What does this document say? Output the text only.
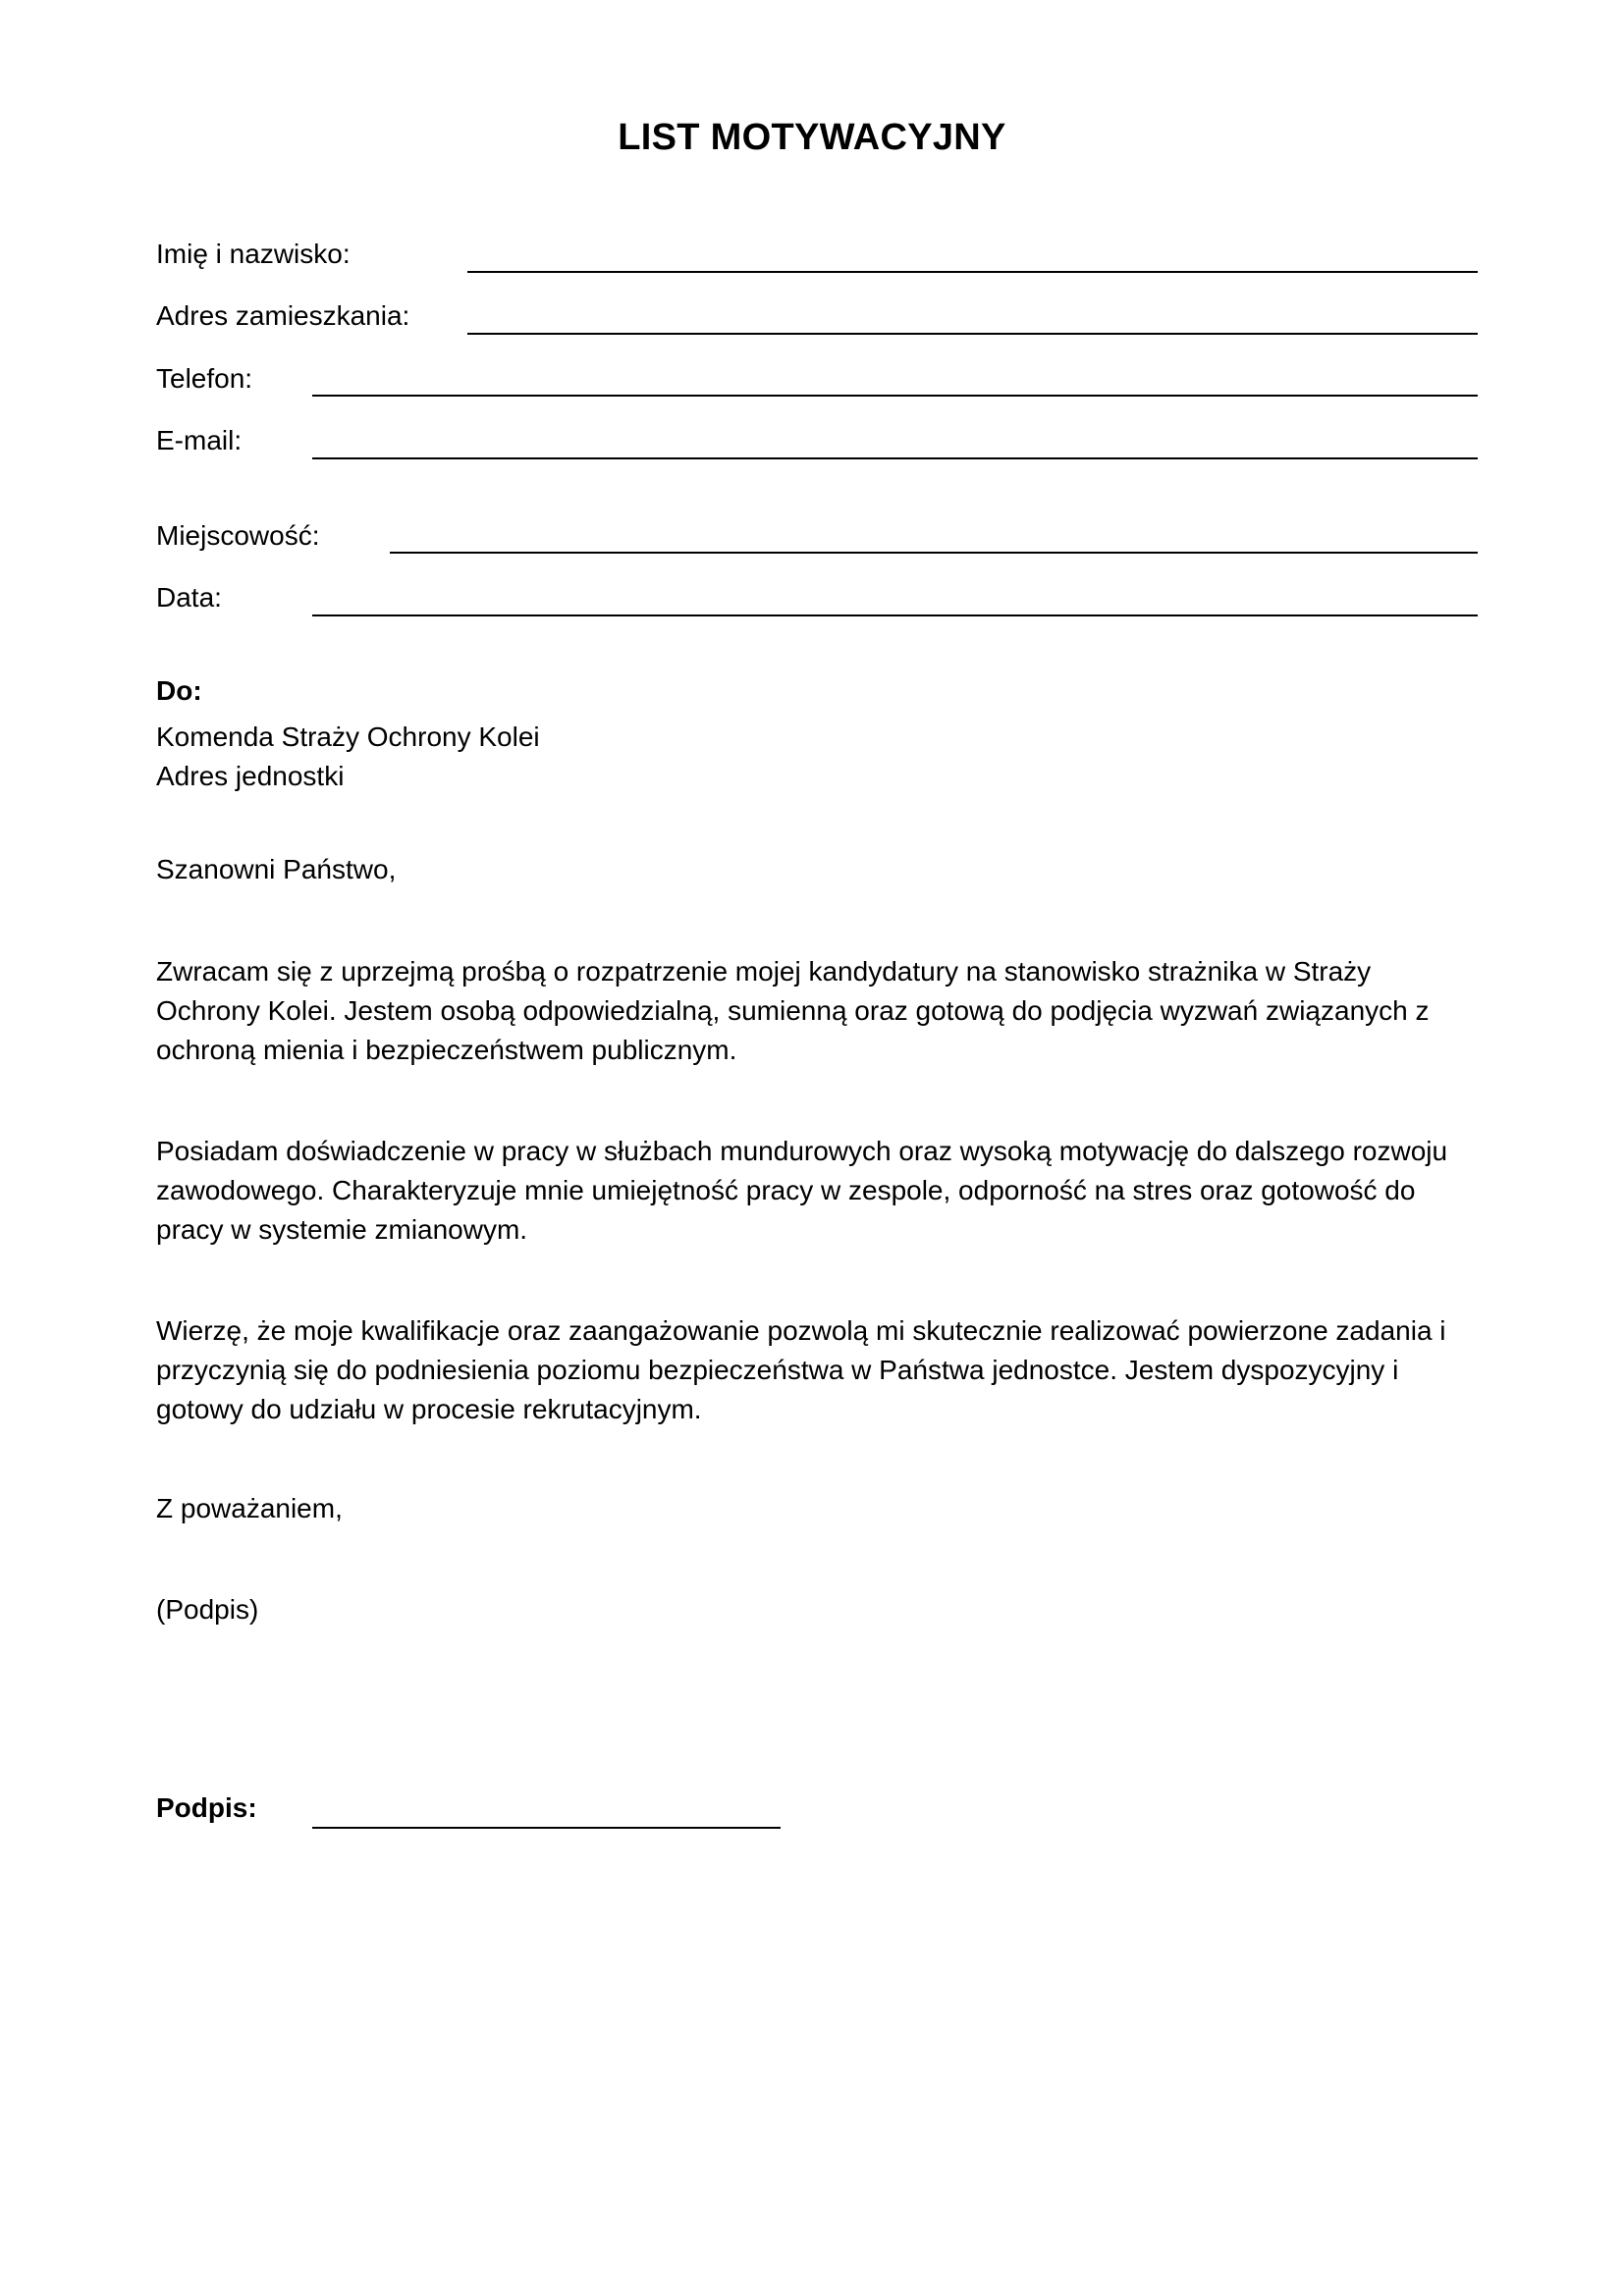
LIST MOTYWACYJNY
Imię i nazwisko:
Adres zamieszkania:
Telefon:
E-mail:
Miejscowość:
Data:
Do:
Komenda Straży Ochrony Kolei
Adres jednostki
Szanowni Państwo,

Zwracam się z uprzejmą prośbą o rozpatrzenie mojej kandydatury na stanowisko strażnika w Straży Ochrony Kolei. Jestem osobą odpowiedzialną, sumienną oraz gotową do podjęcia wyzwań związanych z ochroną mienia i bezpieczeństwem publicznym.

Posiadam doświadczenie w pracy w służbach mundurowych oraz wysoką motywację do dalszego rozwoju zawodowego. Charakteryzuje mnie umiejętność pracy w zespole, odporność na stres oraz gotowość do pracy w systemie zmianowym.

Wierzę, że moje kwalifikacje oraz zaangażowanie pozwolą mi skutecznie realizować powierzone zadania i przyczynią się do podniesienia poziomu bezpieczeństwa w Państwa jednostce. Jestem dyspozycyjny i gotowy do udziału w procesie rekrutacyjnym.

Z poważaniem,
(Podpis)
Podpis:
